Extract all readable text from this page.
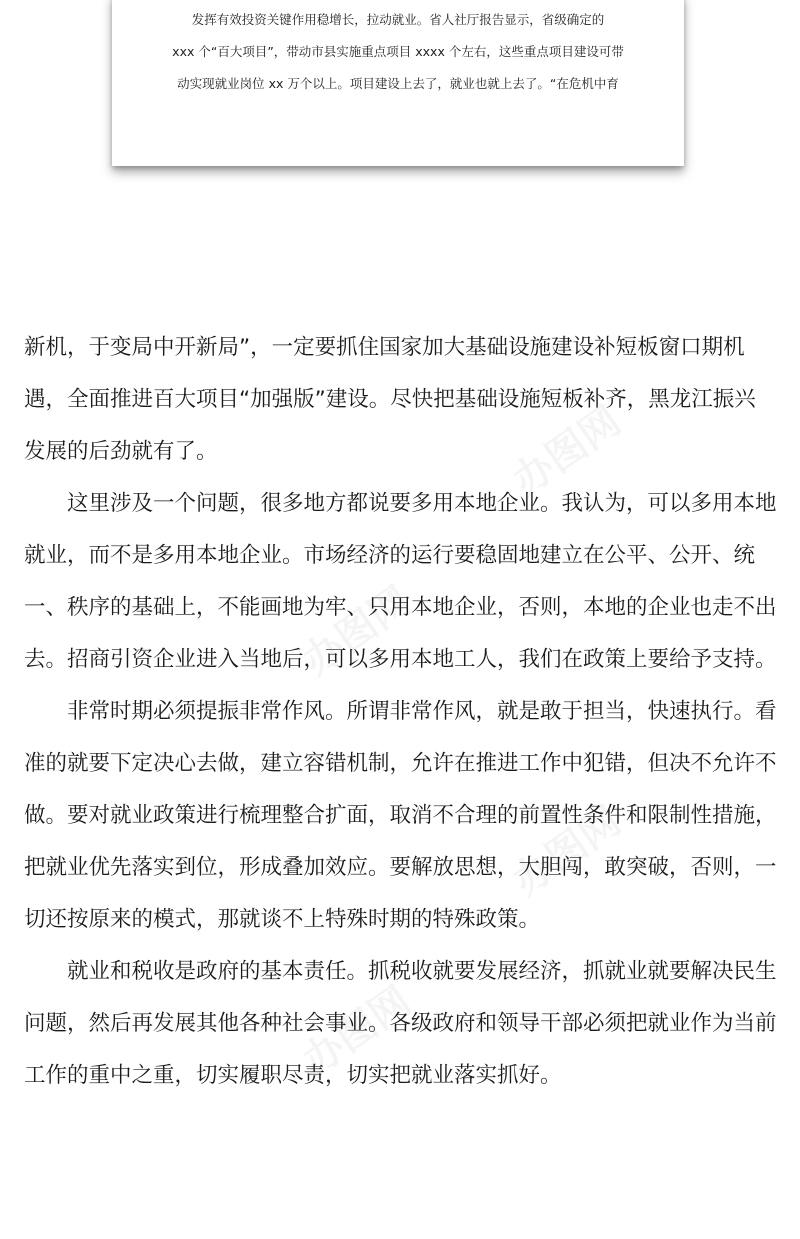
发挥有效投资关键作用稳增长，拉动就业。省人社厅报告显示，省级确定的
xxx 个“百大项目”，带动市县实施重点项目 xxxx 个左右，这些重点项目建设可带
动实现就业岗位 xx 万个以上。项目建设上去了，就业也就上去了。“在危机中育
新机，于变局中开新局”，一定要抓住国家加大基础设施建设补短板窗口期机
遇，全面推进百大项目“加强版”建设。尽快把基础设施短板补齐，黑龙江振兴
发展的后劲就有了。
这里涉及一个问题，很多地方都说要多用本地企业。我认为，可以多用本地
就业，而不是多用本地企业。市场经济的运行要稳固地建立在公平、公开、统
一、秩序的基础上，不能画地为牢、只用本地企业，否则，本地的企业也走不出
去。招商引资企业进入当地后，可以多用本地工人，我们在政策上要给予支持。
非常时期必须提振非常作风。所谓非常作风，就是敢于担当，快速执行。看
准的就要下定决心去做，建立容错机制，允许在推进工作中犯错，但决不允许不
做。要对就业政策进行梳理整合扩面，取消不合理的前置性条件和限制性措施，
把就业优先落实到位，形成叠加效应。要解放思想，大胆闯，敢突破，否则，一
切还按原来的模式，那就谈不上特殊时期的特殊政策。
就业和税收是政府的基本责任。抓税收就要发展经济，抓就业就要解决民生
问题，然后再发展其他各种社会事业。各级政府和领导干部必须把就业作为当前
工作的重中之重，切实履职尽责，切实把就业落实抓好。
